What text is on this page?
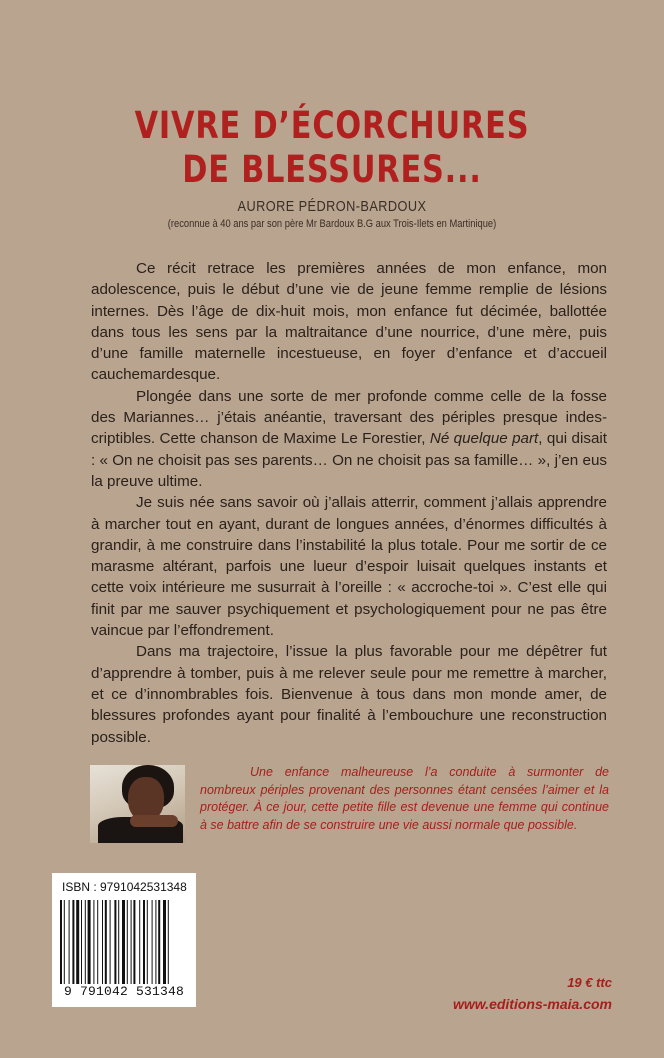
VIVRE D’ÉCORCHURES
DE BLESSURES...
AURORE PÉDRON-BARDOUX
(reconnue à 40 ans par son père Mr Bardoux B.G aux Trois-Ilets en Martinique)

Ce récit retrace les premières années de mon enfance, mon adolescence, puis le début d’une vie de jeune femme remplie de lésions internes. Dès l’âge de dix-huit mois, mon enfance fut décimée, ballottée dans tous les sens par la maltraitance d’une nourrice, d’une mère, puis d’une famille maternelle incestueuse, en foyer d’enfance et d’accueil cauchemardesque.

Plongée dans une sorte de mer profonde comme celle de la fosse des Mariannes… j’étais anéantie, traversant des périples presque indescriptibles. Cette chanson de Maxime Le Forestier, Né quelque part, qui disait : « On ne choisit pas ses parents… On ne choisit pas sa famille… », j’en eus la preuve ultime.

Je suis née sans savoir où j’allais atterrir, comment j’allais apprendre à marcher tout en ayant, durant de longues années, d’énormes difficultés à grandir, à me construire dans l’instabilité la plus totale. Pour me sortir de ce marasme altérant, parfois une lueur d’espoir luisait quelques instants et cette voix intérieure me susurrait à l’oreille : « accroche-toi ». C’est elle qui finit par me sauver psychiquement et psychologiquement pour ne pas être vaincue par l’effondrement.

Dans ma trajectoire, l’issue la plus favorable pour me dépêtrer fut d’apprendre à tomber, puis à me relever seule pour me remettre à marcher, et ce d’innombrables fois. Bienvenue à tous dans mon monde amer, de blessures profondes ayant pour finalité à l’embouchure une reconstruction possible.

Une enfance malheureuse l’a conduite à surmonter de nombreux périples provenant des personnes étant censées l’aimer et la protéger. À ce jour, cette petite fille est devenue une femme qui continue à se battre afin de se construire une vie aussi normale que possible.
ISBN : 9791042531348
9 791042 531348
19 € ttc
www.editions-maia.com
